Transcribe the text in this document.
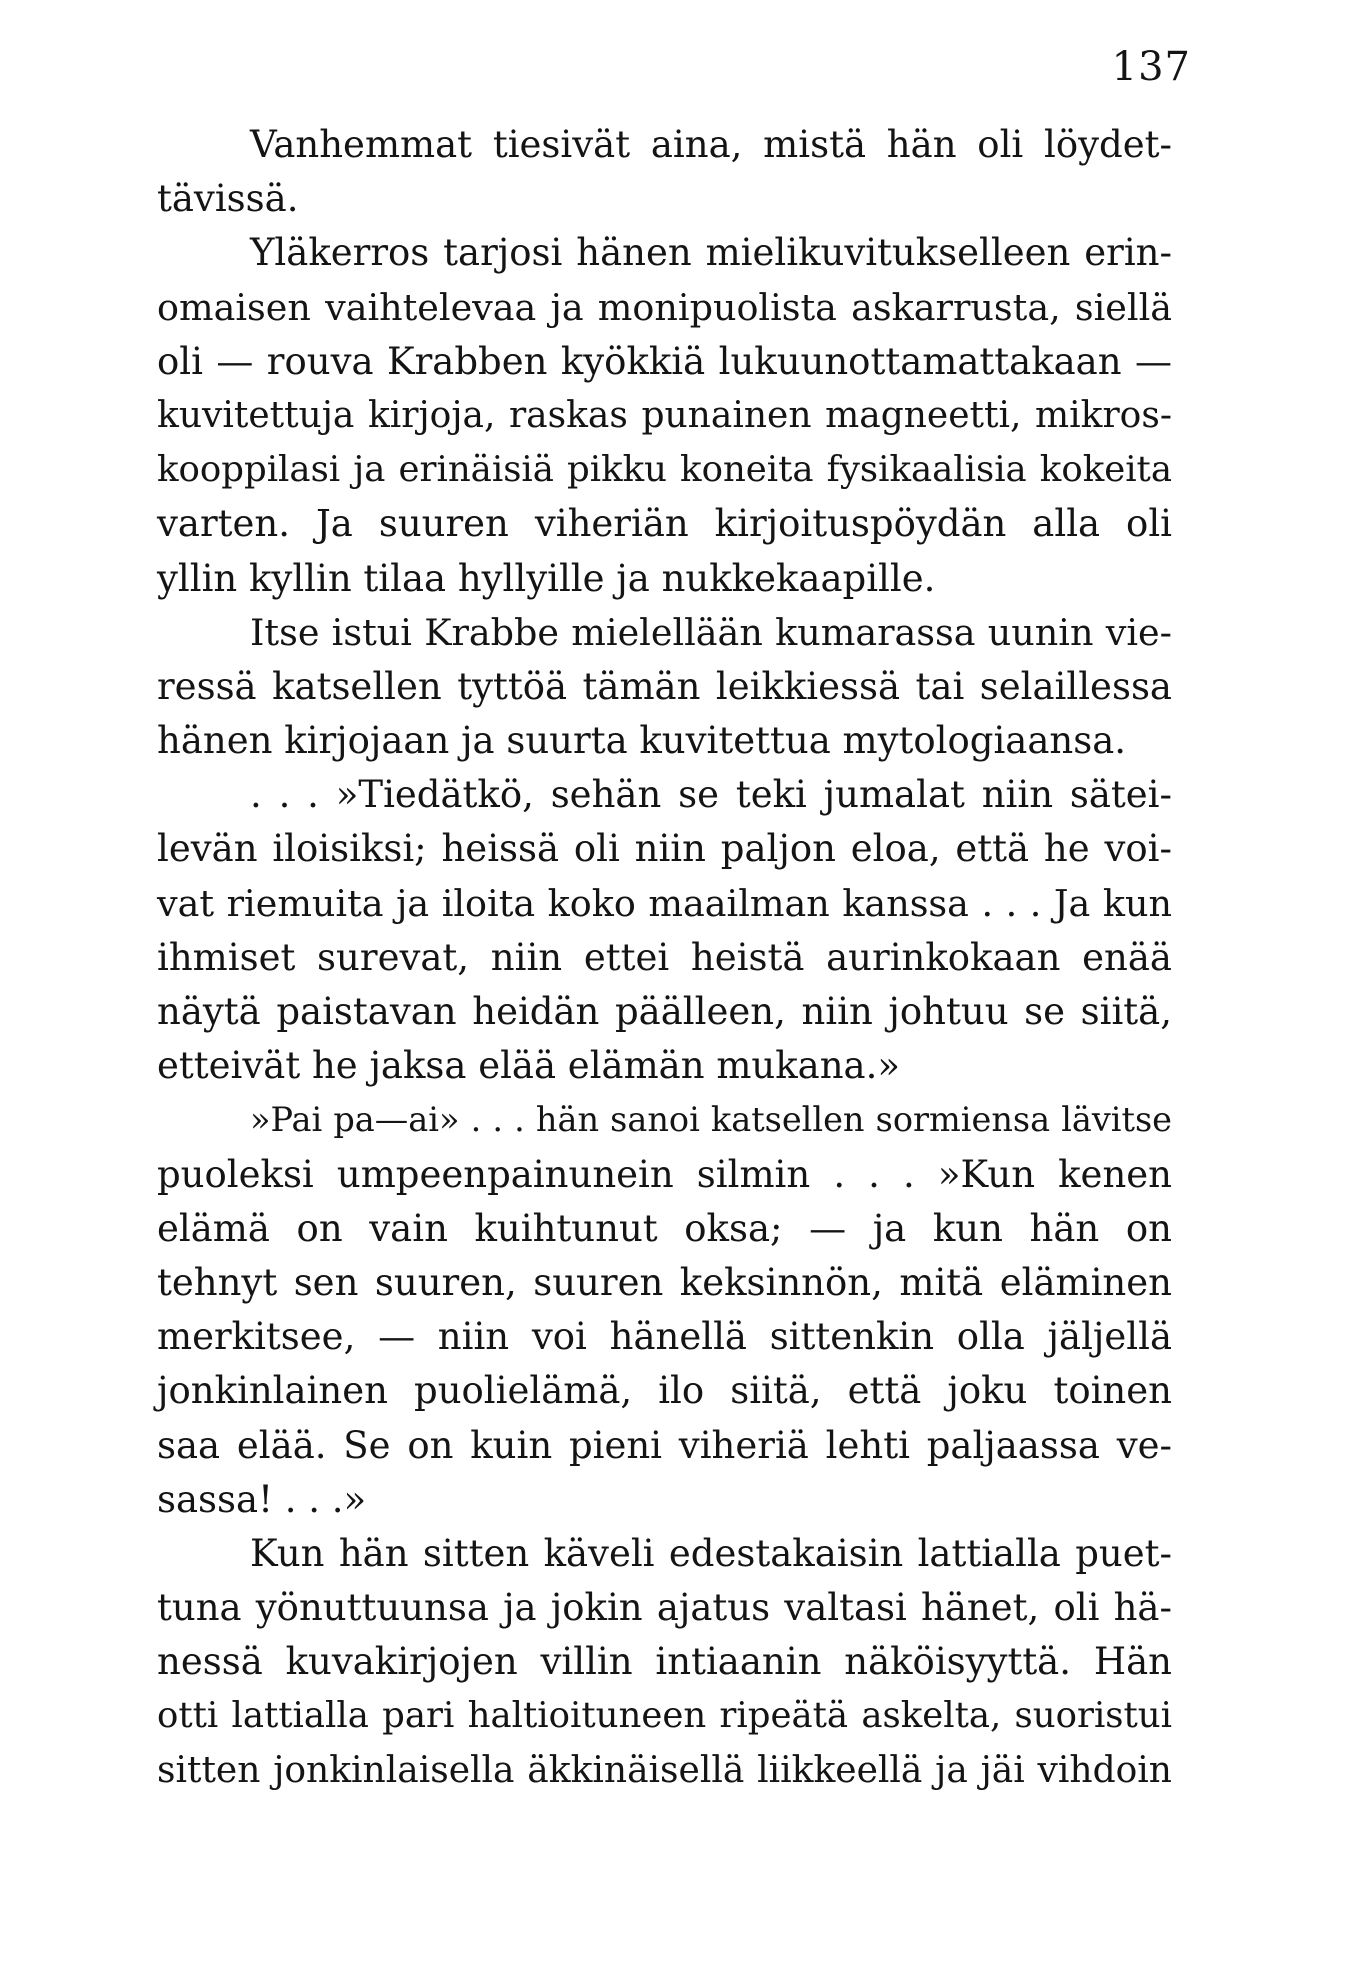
137
Vanhemmat tiesivät aina, mistä hän oli löydet-
tävissä.
Yläkerros tarjosi hänen mielikuvitukselleen erin-
omaisen vaihtelevaa ja monipuolista askarrusta, siellä
oli — rouva Krabben kyökkiä lukuunottamattakaan —
kuvitettuja kirjoja, raskas punainen magneetti, mikros-
kooppilasi ja erinäisiä pikku koneita fysikaalisia kokeita
varten. Ja suuren viheriän kirjoituspöydän alla oli
yllin kyllin tilaa hyllyille ja nukkekaapille.
Itse istui Krabbe mielellään kumarassa uunin vie-
ressä katsellen tyttöä tämän leikkiessä tai selaillessa
hänen kirjojaan ja suurta kuvitettua mytologiaansa.
. . . »Tiedätkö, sehän se teki jumalat niin sätei-
levän iloisiksi; heissä oli niin paljon eloa, että he voi-
vat riemuita ja iloita koko maailman kanssa . . . Ja kun
ihmiset surevat, niin ettei heistä aurinkokaan enää
näytä paistavan heidän päälleen, niin johtuu se siitä,
etteivät he jaksa elää elämän mukana.»
»Pai pa—ai» . . . hän sanoi katsellen sormiensa lävitse
puoleksi umpeenpainunein silmin . . . »Kun kenen
elämä on vain kuihtunut oksa; — ja kun hän on
tehnyt sen suuren, suuren keksinnön, mitä eläminen
merkitsee, — niin voi hänellä sittenkin olla jäljellä
jonkinlainen puolielämä, ilo siitä, että joku toinen
saa elää. Se on kuin pieni viheriä lehti paljaassa ve-
sassa! . . .»
Kun hän sitten käveli edestakaisin lattialla puet-
tuna yönuttuunsa ja jokin ajatus valtasi hänet, oli hä-
nessä kuvakirjojen villin intiaanin näköisyyttä. Hän
otti lattialla pari haltioituneen ripeätä askelta, suoristui
sitten jonkinlaisella äkkinäisellä liikkeellä ja jäi vihdoin
